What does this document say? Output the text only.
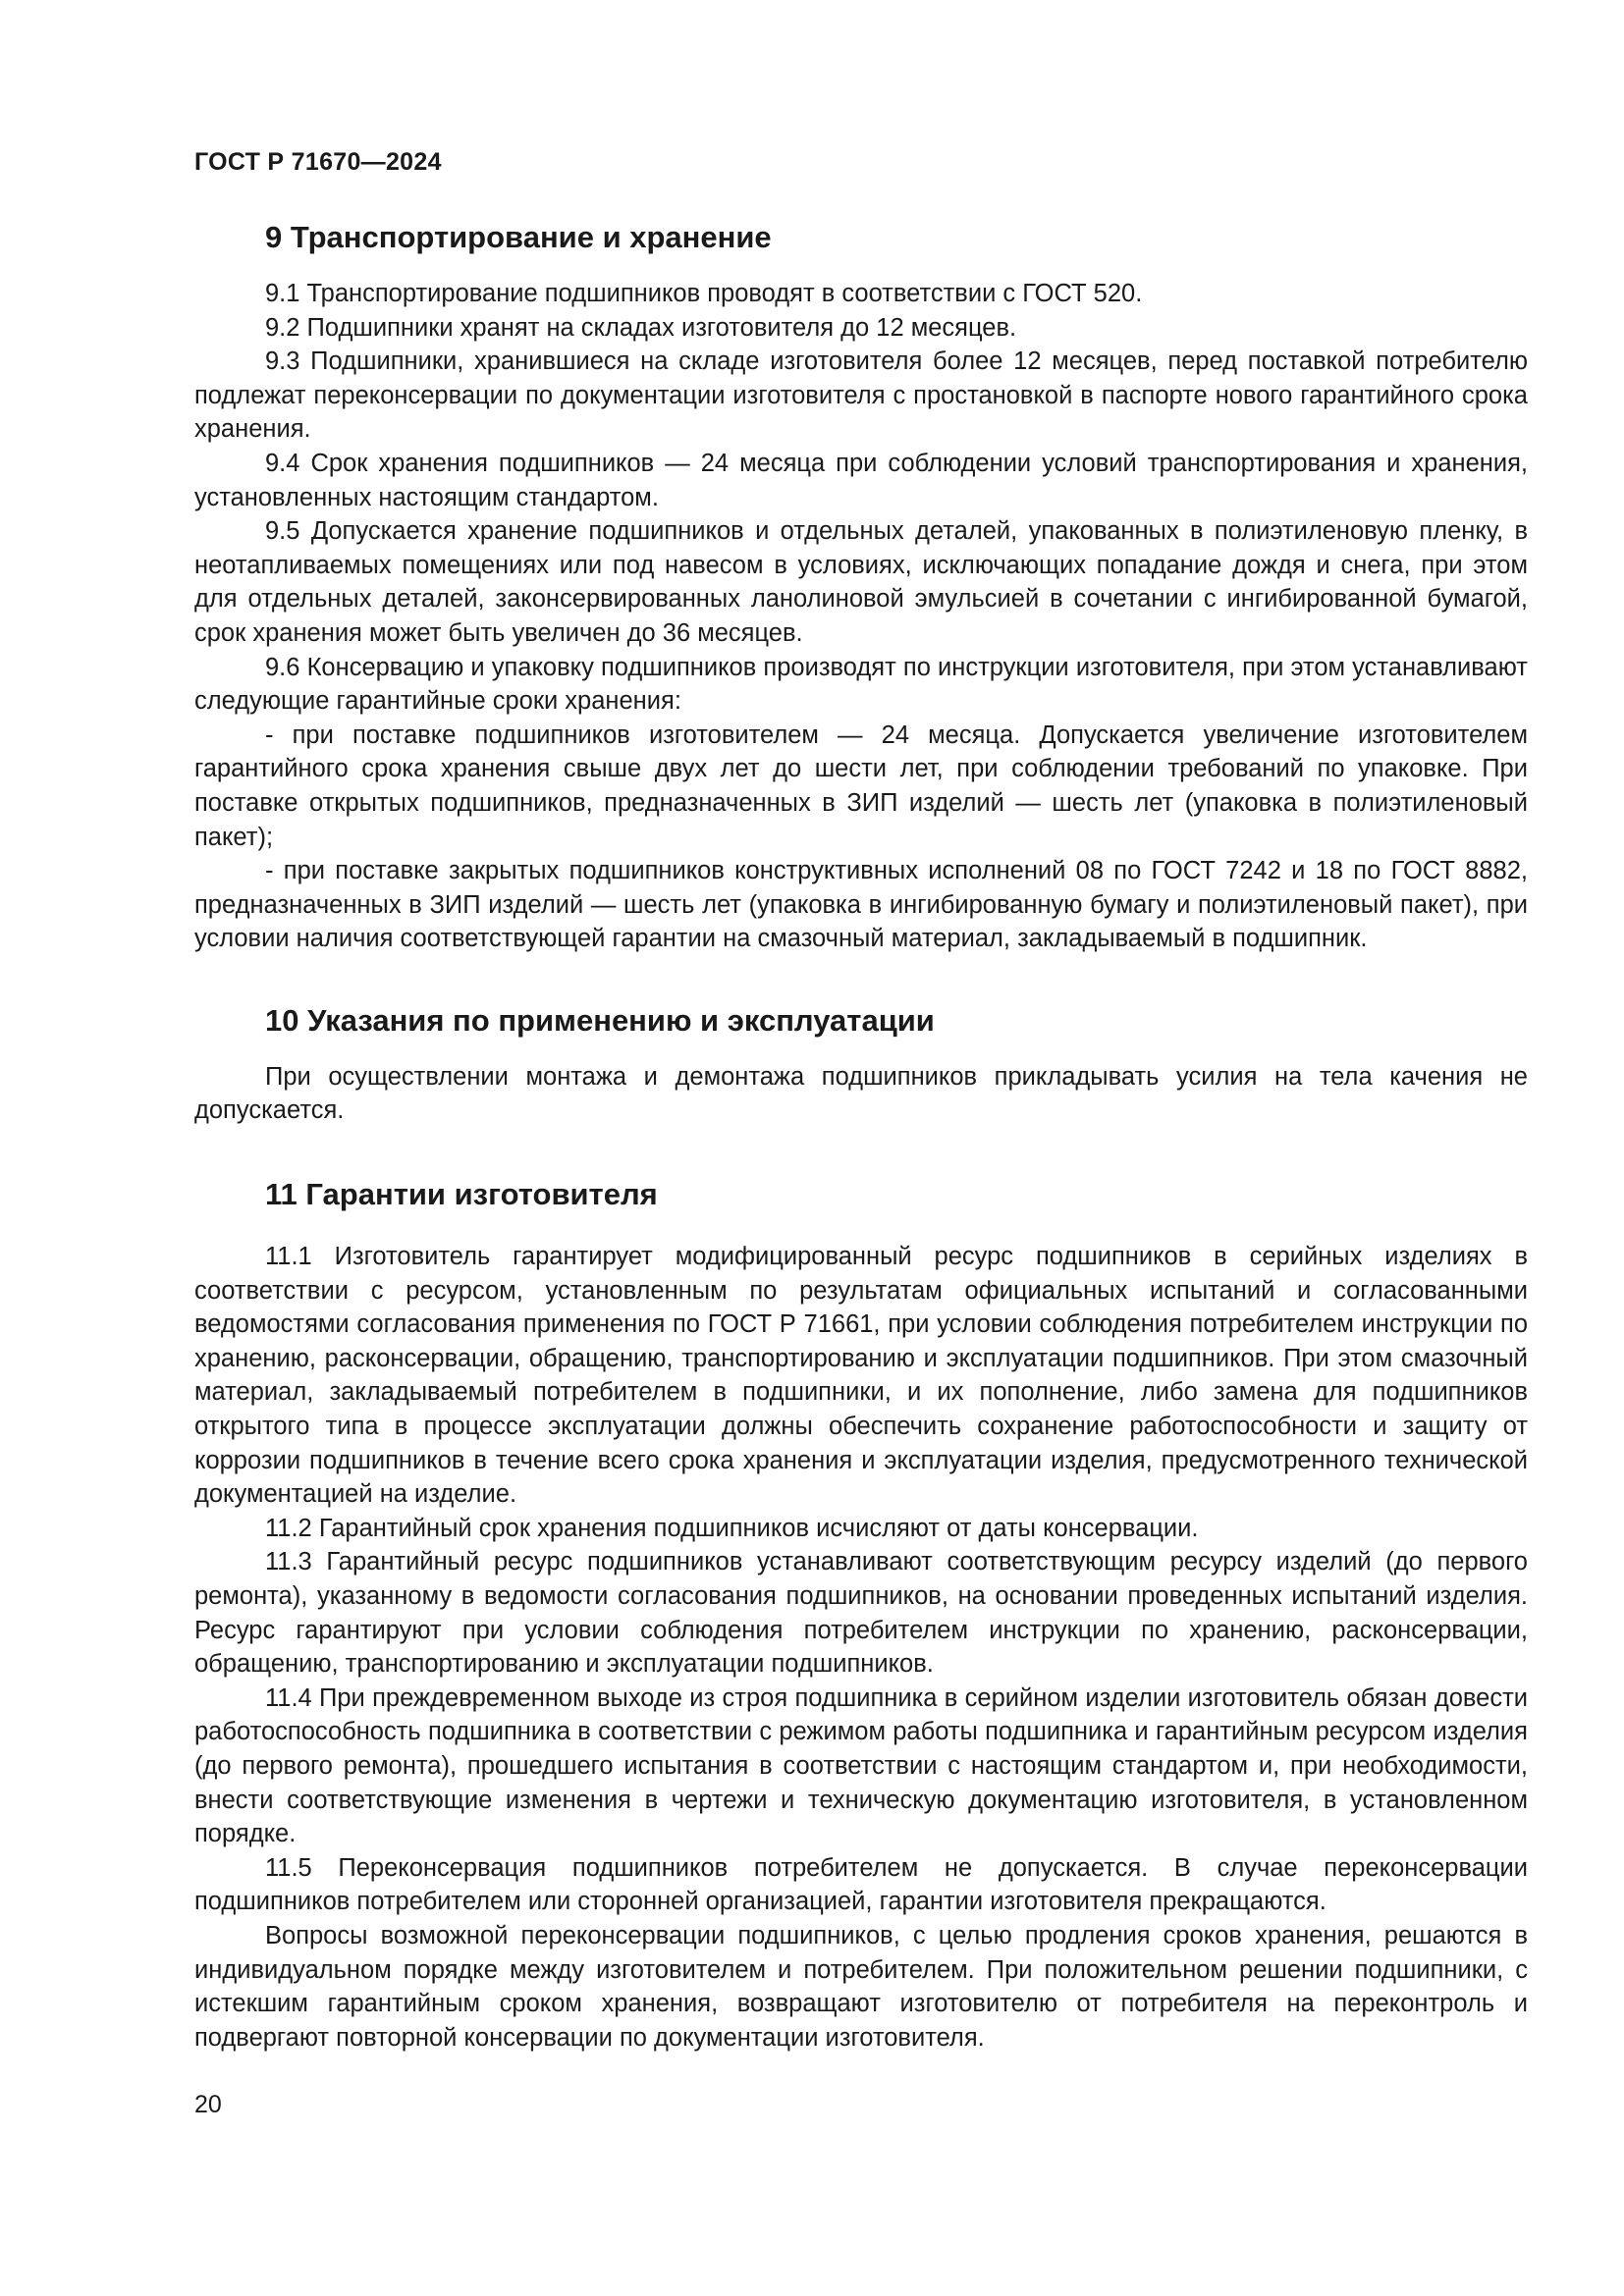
ГОСТ Р 71670—2024
9 Транспортирование и хранение

9.1 Транспортирование подшипников проводят в соответствии с ГОСТ 520.

9.2 Подшипники хранят на складах изготовителя до 12 месяцев.

9.3 Подшипники, хранившиеся на складе изготовителя более 12 месяцев, перед поставкой потребителю подлежат переконсервации по документации изготовителя с простановкой в паспорте нового гарантийного срока хранения.

9.4 Срок хранения подшипников — 24 месяца при соблюдении условий транспортирования и хранения, установленных настоящим стандартом.

9.5 Допускается хранение подшипников и отдельных деталей, упакованных в полиэтиленовую пленку, в неотапливаемых помещениях или под навесом в условиях, исключающих попадание дождя и снега, при этом для отдельных деталей, законсервированных ланолиновой эмульсией в сочетании с ингибированной бумагой, срок хранения может быть увеличен до 36 месяцев.

9.6 Консервацию и упаковку подшипников производят по инструкции изготовителя, при этом устанавливают следующие гарантийные сроки хранения:

- при поставке подшипников изготовителем — 24 месяца. Допускается увеличение изготовителем гарантийного срока хранения свыше двух лет до шести лет, при соблюдении требований по упаковке. При поставке открытых подшипников, предназначенных в ЗИП изделий — шесть лет (упаковка в полиэтиленовый пакет);

- при поставке закрытых подшипников конструктивных исполнений 08 по ГОСТ 7242 и 18 по ГОСТ 8882, предназначенных в ЗИП изделий — шесть лет (упаковка в ингибированную бумагу и полиэтиленовый пакет), при условии наличия соответствующей гарантии на смазочный материал, закладываемый в подшипник.

10 Указания по применению и эксплуатации

При осуществлении монтажа и демонтажа подшипников прикладывать усилия на тела качения не допускается.

11 Гарантии изготовителя

11.1 Изготовитель гарантирует модифицированный ресурс подшипников в серийных изделиях в соответствии с ресурсом, установленным по результатам официальных испытаний и согласованными ведомостями согласования применения по ГОСТ Р 71661, при условии соблюдения потребителем инструкции по хранению, расконсервации, обращению, транспортированию и эксплуатации подшипников. При этом смазочный материал, закладываемый потребителем в подшипники, и их пополнение, либо замена для подшипников открытого типа в процессе эксплуатации должны обеспечить сохранение работоспособности и защиту от коррозии подшипников в течение всего срока хранения и эксплуатации изделия, предусмотренного технической документацией на изделие.

11.2 Гарантийный срок хранения подшипников исчисляют от даты консервации.

11.3 Гарантийный ресурс подшипников устанавливают соответствующим ресурсу изделий (до первого ремонта), указанному в ведомости согласования подшипников, на основании проведенных испытаний изделия. Ресурс гарантируют при условии соблюдения потребителем инструкции по хранению, расконсервации, обращению, транспортированию и эксплуатации подшипников.

11.4 При преждевременном выходе из строя подшипника в серийном изделии изготовитель обязан довести работоспособность подшипника в соответствии с режимом работы подшипника и гарантийным ресурсом изделия (до первого ремонта), прошедшего испытания в соответствии с настоящим стандартом и, при необходимости, внести соответствующие изменения в чертежи и техническую документацию изготовителя, в установленном порядке.

11.5 Переконсервация подшипников потребителем не допускается. В случае переконсервации подшипников потребителем или сторонней организацией, гарантии изготовителя прекращаются.

Вопросы возможной переконсервации подшипников, с целью продления сроков хранения, решаются в индивидуальном порядке между изготовителем и потребителем. При положительном решении подшипники, с истекшим гарантийным сроком хранения, возвращают изготовителю от потребителя на переконтроль и подвергают повторной консервации по документации изготовителя.

20
